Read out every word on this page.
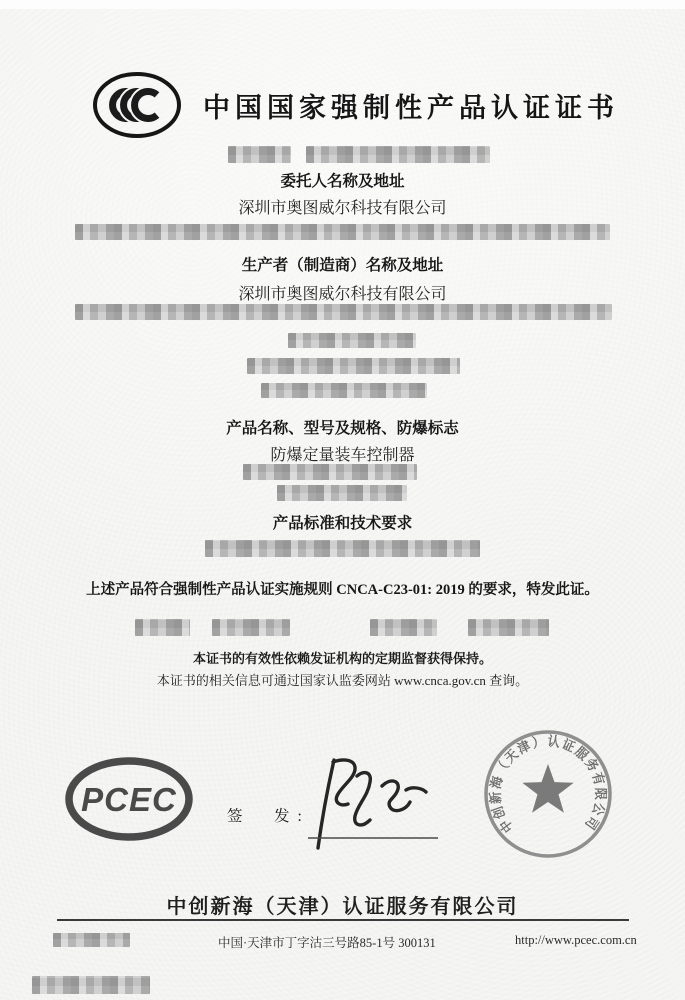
中国国家强制性产品认证证书
委托人名称及地址
深圳市奥图威尔科技有限公司
生产者（制造商）名称及地址
深圳市奥图威尔科技有限公司
产品名称、型号及规格、防爆标志
防爆定量装车控制器
产品标准和技术要求
上述产品符合强制性产品认证实施规则 CNCA-C23-01: 2019 的要求，特发此证。
本证书的有效性依赖发证机构的定期监督获得保持。
本证书的相关信息可通过国家认监委网站 www.cnca.gov.cn 查询。
PCEC	签　发:	中创新海（天津）认证服务有限公司
中创新海（天津）认证服务有限公司
中国·天津市丁字沽三号路85-1号 300131	http://www.pcec.com.cn
